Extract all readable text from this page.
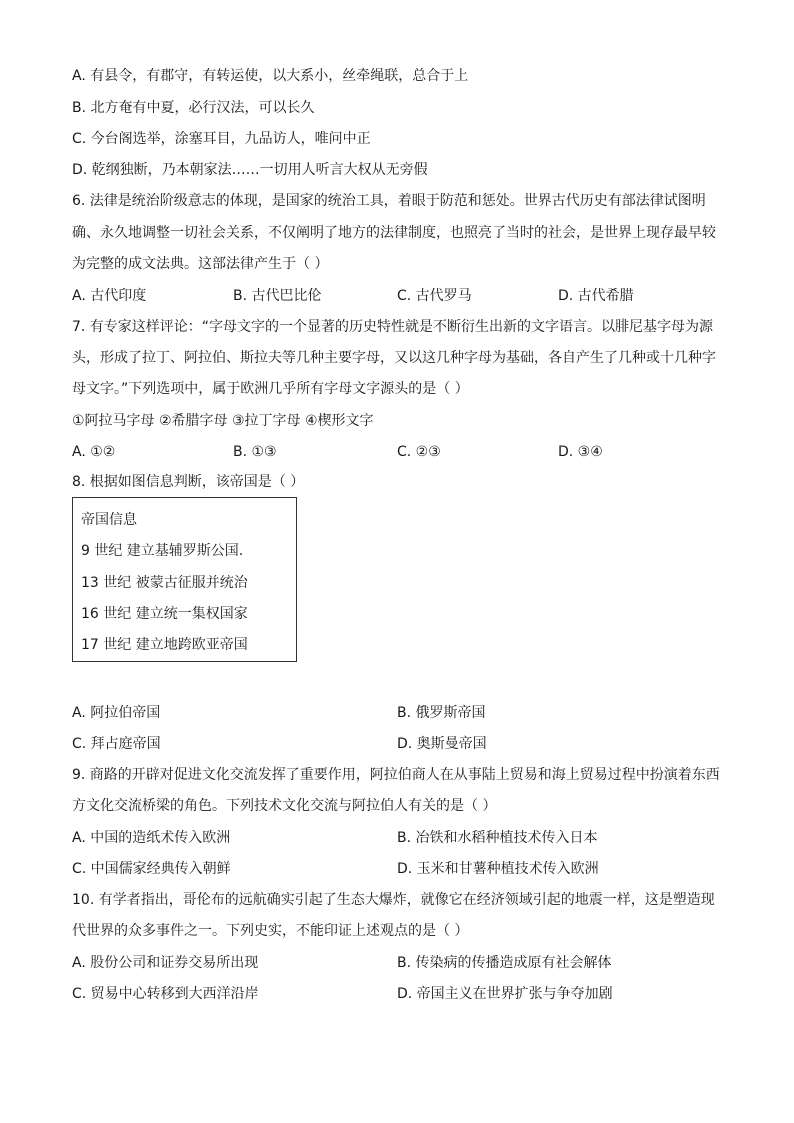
A. 有县令，有郡守，有转运使，以大系小，丝牵绳联，总合于上
B. 北方奄有中夏，必行汉法，可以长久
C. 今台阁选举，涂塞耳目，九品访人，唯问中正
D. 乾纲独断，乃本朝家法……一切用人听言大权从无旁假
6. 法律是统治阶级意志的体现，是国家的统治工具，着眼于防范和惩处。世界古代历史有部法律试图明
确、永久地调整一切社会关系，不仅阐明了地方的法律制度，也照亮了当时的社会，是世界上现存最早较
为完整的成文法典。这部法律产生于（ ）
A. 古代印度	B. 古代巴比伦	C. 古代罗马	D. 古代希腊
7. 有专家这样评论：“字母文字的一个显著的历史特性就是不断衍生出新的文字语言。以腓尼基字母为源
头，形成了拉丁、阿拉伯、斯拉夫等几种主要字母，又以这几种字母为基础，各自产生了几种或十几种字
母文字。”下列选项中，属于欧洲几乎所有字母文字源头的是（ ）
①阿拉马字母 ②希腊字母 ③拉丁字母 ④楔形文字
A. ①②	B. ①③	C. ②③	D. ③④
8. 根据如图信息判断，该帝国是（ ）
帝国信息
9 世纪 建立基辅罗斯公国.
13 世纪 被蒙古征服并统治
16 世纪 建立统一集权国家
17 世纪 建立地跨欧亚帝国
A. 阿拉伯帝国	B. 俄罗斯帝国
C. 拜占庭帝国	D. 奥斯曼帝国
9. 商路的开辟对促进文化交流发挥了重要作用，阿拉伯商人在从事陆上贸易和海上贸易过程中扮演着东西
方文化交流桥梁的角色。下列技术文化交流与阿拉伯人有关的是（ ）
A. 中国的造纸术传入欧洲	B. 冶铁和水稻种植技术传入日本
C. 中国儒家经典传入朝鲜	D. 玉米和甘薯种植技术传入欧洲
10. 有学者指出，哥伦布的远航确实引起了生态大爆炸，就像它在经济领域引起的地震一样，这是塑造现
代世界的众多事件之一。下列史实，不能印证上述观点的是（ ）
A. 股份公司和证券交易所出现	B. 传染病的传播造成原有社会解体
C. 贸易中心转移到大西洋沿岸	D. 帝国主义在世界扩张与争夺加剧
